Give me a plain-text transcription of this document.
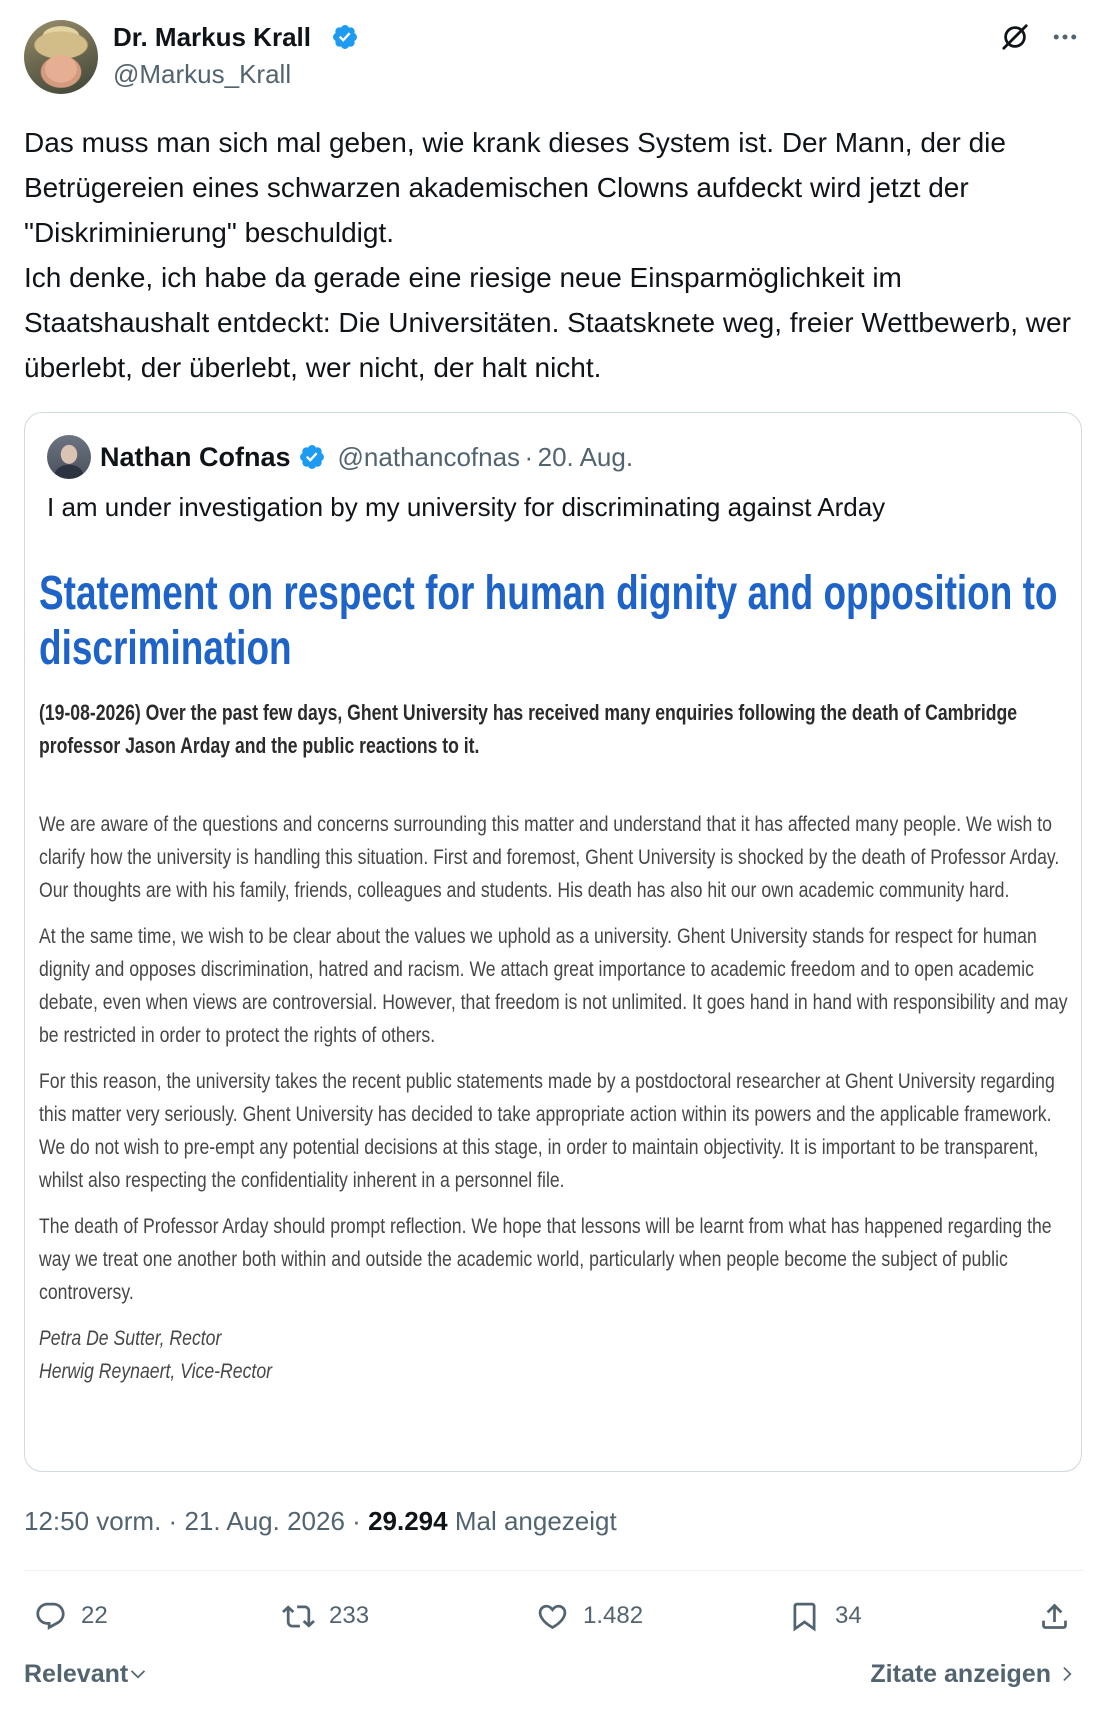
Dr. Markus Krall
@Markus_Krall
Das muss man sich mal geben, wie krank dieses System ist. Der Mann, der die Betrügereien eines schwarzen akademischen Clowns aufdeckt wird jetzt der "Diskriminierung" beschuldigt.
Ich denke, ich habe da gerade eine riesige neue Einsparmöglichkeit im Staatshaushalt entdeckt: Die Universitäten. Staatsknete weg, freier Wettbewerb, wer überlebt, der überlebt, wer nicht, der halt nicht.
Nathan Cofnas @nathancofnas
·
20. Aug.
I am under investigation by my university for discriminating against Arday
Statement on respect for human dignity and opposition to discrimination
(19-08-2026) Over the past few days, Ghent University has received many enquiries following the death of Cambridge professor Jason Arday and the public reactions to it.
We are aware of the questions and concerns surrounding this matter and understand that it has affected many people. We wish to clarify how the university is handling this situation. First and foremost, Ghent University is shocked by the death of Professor Arday. Our thoughts are with his family, friends, colleagues and students. His death has also hit our own academic community hard.
At the same time, we wish to be clear about the values we uphold as a university. Ghent University stands for respect for human dignity and opposes discrimination, hatred and racism. We attach great importance to academic freedom and to open academic debate, even when views are controversial. However, that freedom is not unlimited. It goes hand in hand with responsibility and may be restricted in order to protect the rights of others.
For this reason, the university takes the recent public statements made by a postdoctoral researcher at Ghent University regarding this matter very seriously. Ghent University has decided to take appropriate action within its powers and the applicable framework. We do not wish to pre-empt any potential decisions at this stage, in order to maintain objectivity. It is important to be transparent, whilst also respecting the confidentiality inherent in a personnel file.
The death of Professor Arday should prompt reflection. We hope that lessons will be learnt from what has happened regarding the way we treat one another both within and outside the academic world, particularly when people become the subject of public controversy.
Petra De Sutter, Rector
Herwig Reynaert, Vice-Rector
12:50 vorm. · 21. Aug. 2026 · 29.294 Mal angezeigt
22	233	1.482	34
Relevant	Zitate anzeigen
